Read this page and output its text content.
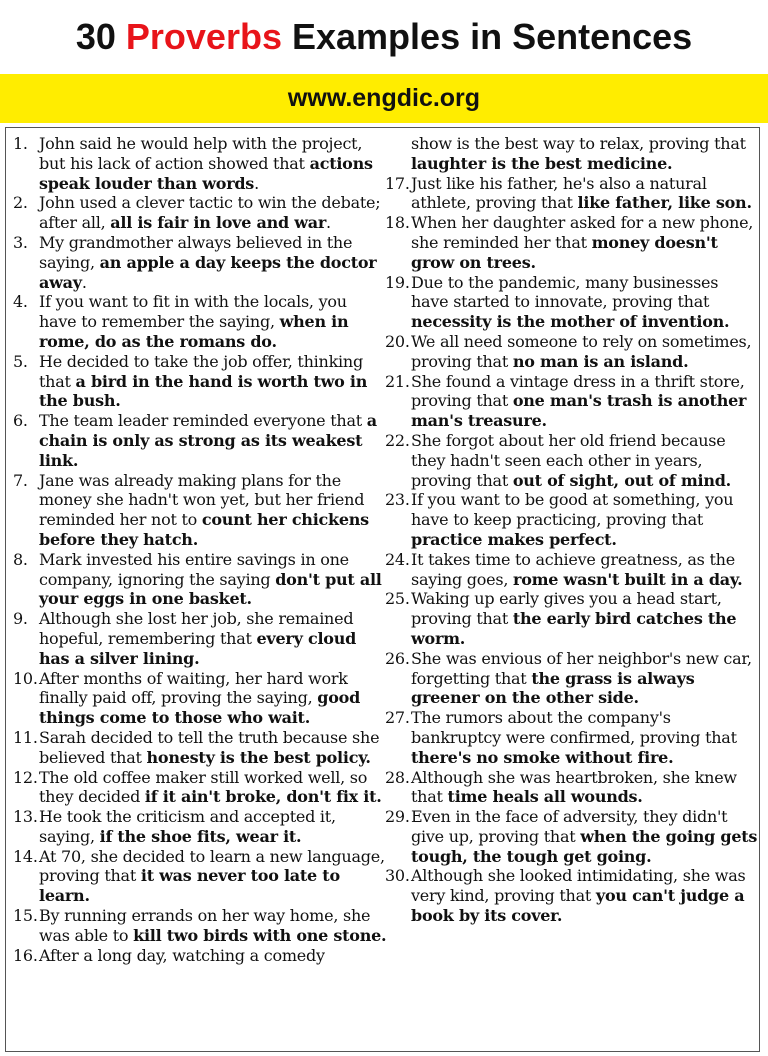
30
Proverbs
Examples in Sentences
www.engdic.org
1. John said he would help with the project, but his lack of action showed that actions speak louder than words.
2. John used a clever tactic to win the debate; after all, all is fair in love and war.
3. My grandmother always believed in the saying, an apple a day keeps the doctor away.
4. If you want to fit in with the locals, you have to remember the saying, when in rome, do as the romans do.
5. He decided to take the job offer, thinking that a bird in the hand is worth two in the bush.
6. The team leader reminded everyone that a chain is only as strong as its weakest link.
7. Jane was already making plans for the money she hadn't won yet, but her friend reminded her not to count her chickens before they hatch.
8. Mark invested his entire savings in one company, ignoring the saying don't put all your eggs in one basket.
9. Although she lost her job, she remained hopeful, remembering that every cloud has a silver lining.
10. After months of waiting, her hard work finally paid off, proving the saying, good things come to those who wait.
11. Sarah decided to tell the truth because she believed that honesty is the best policy.
12. The old coffee maker still worked well, so they decided if it ain't broke, don't fix it.
13. He took the criticism and accepted it, saying, if the shoe fits, wear it.
14. At 70, she decided to learn a new language, proving that it was never too late to learn.
15. By running errands on her way home, she was able to kill two birds with one stone.
16. After a long day, watching a comedy
show is the best way to relax, proving that laughter is the best medicine.
17. Just like his father, he's also a natural athlete, proving that like father, like son.
18. When her daughter asked for a new phone, she reminded her that money doesn't grow on trees.
19. Due to the pandemic, many businesses have started to innovate, proving that necessity is the mother of invention.
20. We all need someone to rely on sometimes, proving that no man is an island.
21. She found a vintage dress in a thrift store, proving that one man's trash is another man's treasure.
22. She forgot about her old friend because they hadn't seen each other in years, proving that out of sight, out of mind.
23. If you want to be good at something, you have to keep practicing, proving that practice makes perfect.
24. It takes time to achieve greatness, as the saying goes, rome wasn't built in a day.
25. Waking up early gives you a head start, proving that the early bird catches the worm.
26. She was envious of her neighbor's new car, forgetting that the grass is always greener on the other side.
27. The rumors about the company's bankruptcy were confirmed, proving that there's no smoke without fire.
28. Although she was heartbroken, she knew that time heals all wounds.
29. Even in the face of adversity, they didn't give up, proving that when the going gets tough, the tough get going.
30. Although she looked intimidating, she was very kind, proving that you can't judge a book by its cover.
